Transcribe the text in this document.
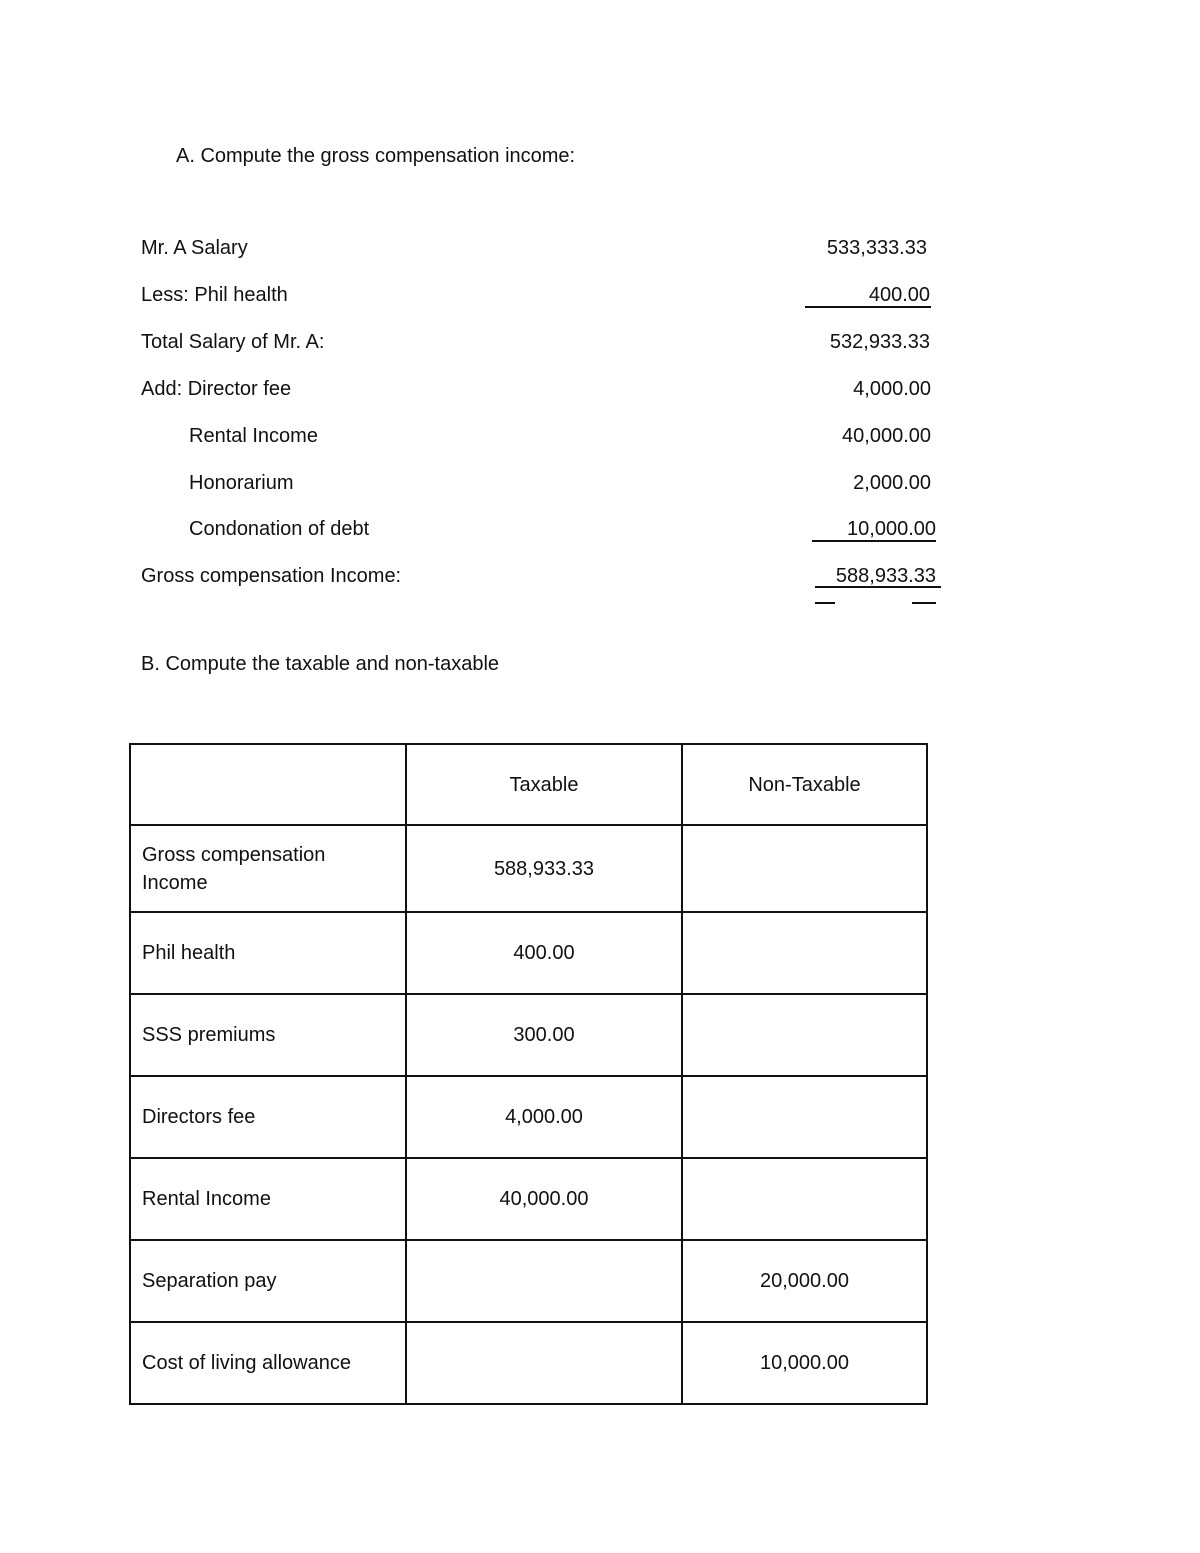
A. Compute the gross compensation income:
Mr. A Salary	533,333.33
Less: Phil health	400.00
Total Salary of Mr. A:	532,933.33
Add: Director fee	4,000.00
Rental Income	40,000.00
Honorarium	2,000.00
Condonation of debt	10,000.00
Gross compensation Income:	588,933.33
B. Compute the taxable and non-taxable
	Taxable	Non-Taxable
Gross compensation Income	588,933.33	
Phil health	400.00	
SSS premiums	300.00	
Directors fee	4,000.00	
Rental Income	40,000.00	
Separation pay		20,000.00
Cost of living allowance		10,000.00
